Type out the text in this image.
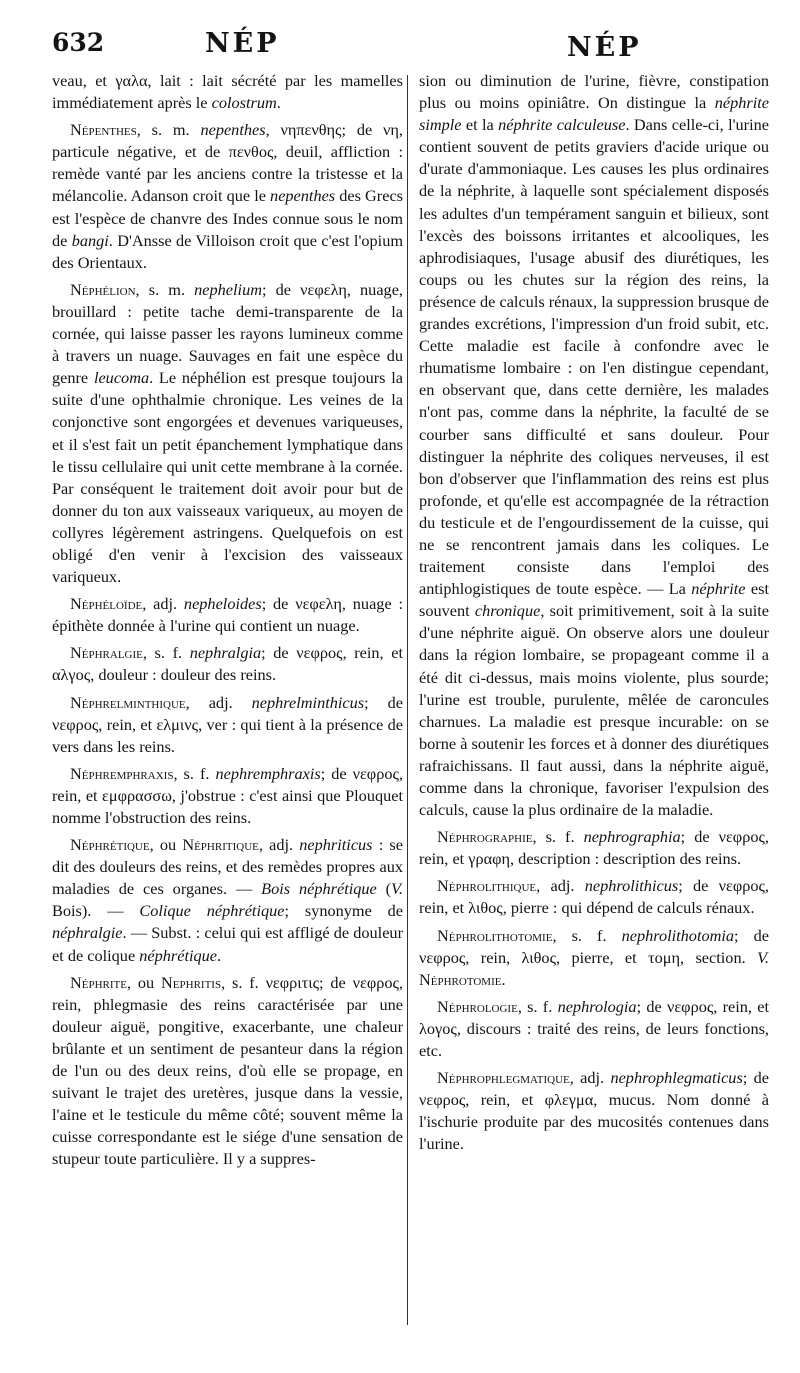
632	NÉP	NÉP

veau, et γαλα, lait : lait sécrété par les mamelles immédiatement après le colostrum.

Népenthes, s. m. nepenthes, νηπενθης; de νη, particule négative, et de πενθος, deuil, affliction : remède vanté par les anciens contre la tristesse et la mélancolie. Adanson croit que le nepenthes des Grecs est l'espèce de chanvre des Indes connue sous le nom de bangi. D'Ansse de Villoison croit que c'est l'opium des Orientaux.

Néphélion, s. m. nephelium; de νεφελη, nuage, brouillard : petite tache demi-transparente de la cornée, qui laisse passer les rayons lumineux comme à travers un nuage. Sauvages en fait une espèce du genre leucoma. Le néphélion est presque toujours la suite d'une ophthalmie chronique. Les veines de la conjonctive sont engorgées et devenues variqueuses, et il s'est fait un petit épanchement lymphatique dans le tissu cellulaire qui unit cette membrane à la cornée. Par conséquent le traitement doit avoir pour but de donner du ton aux vaisseaux variqueux, au moyen de collyres légèrement astringens. Quelquefois on est obligé d'en venir à l'excision des vaisseaux variqueux.

Néphéloïde, adj. nepheloides; de νεφελη, nuage : épithète donnée à l'urine qui contient un nuage.

Néphralgie, s. f. nephralgia; de νεφρος, rein, et αλγος, douleur : douleur des reins.

Néphrelminthique, adj. nephrelminthicus; de νεφρος, rein, et ελμινς, ver : qui tient à la présence de vers dans les reins.

Néphremphraxis, s. f. nephremphraxis; de νεφρος, rein, et εμφρασσω, j'obstrue : c'est ainsi que Plouquet nomme l'obstruction des reins.

Néphrétique, ou Néphritique, adj. nephriticus : se dit des douleurs des reins, et des remèdes propres aux maladies de ces organes. — Bois néphrétique (V. Bois). — Colique néphrétique; synonyme de néphralgie. — Subst. : celui qui est affligé de douleur et de colique néphrétique.

Néphrite, ou Nephritis, s. f. νεφριτις; de νεφρος, rein, phlegmasie des reins caractérisée par une douleur aiguë, pongitive, exacerbante, une chaleur brûlante et un sentiment de pesanteur dans la région de l'un ou des deux reins, d'où elle se propage, en suivant le trajet des uretères, jusque dans la vessie, l'aine et le testicule du même côté; souvent même la cuisse correspondante est le siége d'une sensation de stupeur toute particulière. Il y a suppres-

sion ou diminution de l'urine, fièvre, constipation plus ou moins opiniâtre. On distingue la néphrite simple et la néphrite calculeuse. Dans celle-ci, l'urine contient souvent de petits graviers d'acide urique ou d'urate d'ammoniaque. Les causes les plus ordinaires de la néphrite, à laquelle sont spécialement disposés les adultes d'un tempérament sanguin et bilieux, sont l'excès des boissons irritantes et alcooliques, les aphrodisiaques, l'usage abusif des diurétiques, les coups ou les chutes sur la région des reins, la présence de calculs rénaux, la suppression brusque de grandes excrétions, l'impression d'un froid subit, etc. Cette maladie est facile à confondre avec le rhumatisme lombaire : on l'en distingue cependant, en observant que, dans cette dernière, les malades n'ont pas, comme dans la néphrite, la faculté de se courber sans difficulté et sans douleur. Pour distinguer la néphrite des coliques nerveuses, il est bon d'observer que l'inflammation des reins est plus profonde, et qu'elle est accompagnée de la rétraction du testicule et de l'engourdissement de la cuisse, qui ne se rencontrent jamais dans les coliques. Le traitement consiste dans l'emploi des antiphlogistiques de toute espèce. — La néphrite est souvent chronique, soit primitivement, soit à la suite d'une néphrite aiguë. On observe alors une douleur dans la région lombaire, se propageant comme il a été dit ci-dessus, mais moins violente, plus sourde; l'urine est trouble, purulente, mêlée de caroncules charnues. La maladie est presque incurable: on se borne à soutenir les forces et à donner des diurétiques rafraichissans. Il faut aussi, dans la néphrite aiguë, comme dans la chronique, favoriser l'expulsion des calculs, cause la plus ordinaire de la maladie.

Néphrographie, s. f. nephrographia; de νεφρος, rein, et γραφη, description : description des reins.

Néphrolithique, adj. nephrolithicus; de νεφρος, rein, et λιθος, pierre : qui dépend de calculs rénaux.

Néphrolithotomie, s. f. nephrolithotomia; de νεφρος, rein, λιθος, pierre, et τομη, section. V. Néphrotomie.

Néphrologie, s. f. nephrologia; de νεφρος, rein, et λογος, discours : traité des reins, de leurs fonctions, etc.

Néphrophlegmatique, adj. nephrophlegmaticus; de νεφρος, rein, et φλεγμα, mucus. Nom donné à l'ischurie produite par des mucosités contenues dans l'urine.
